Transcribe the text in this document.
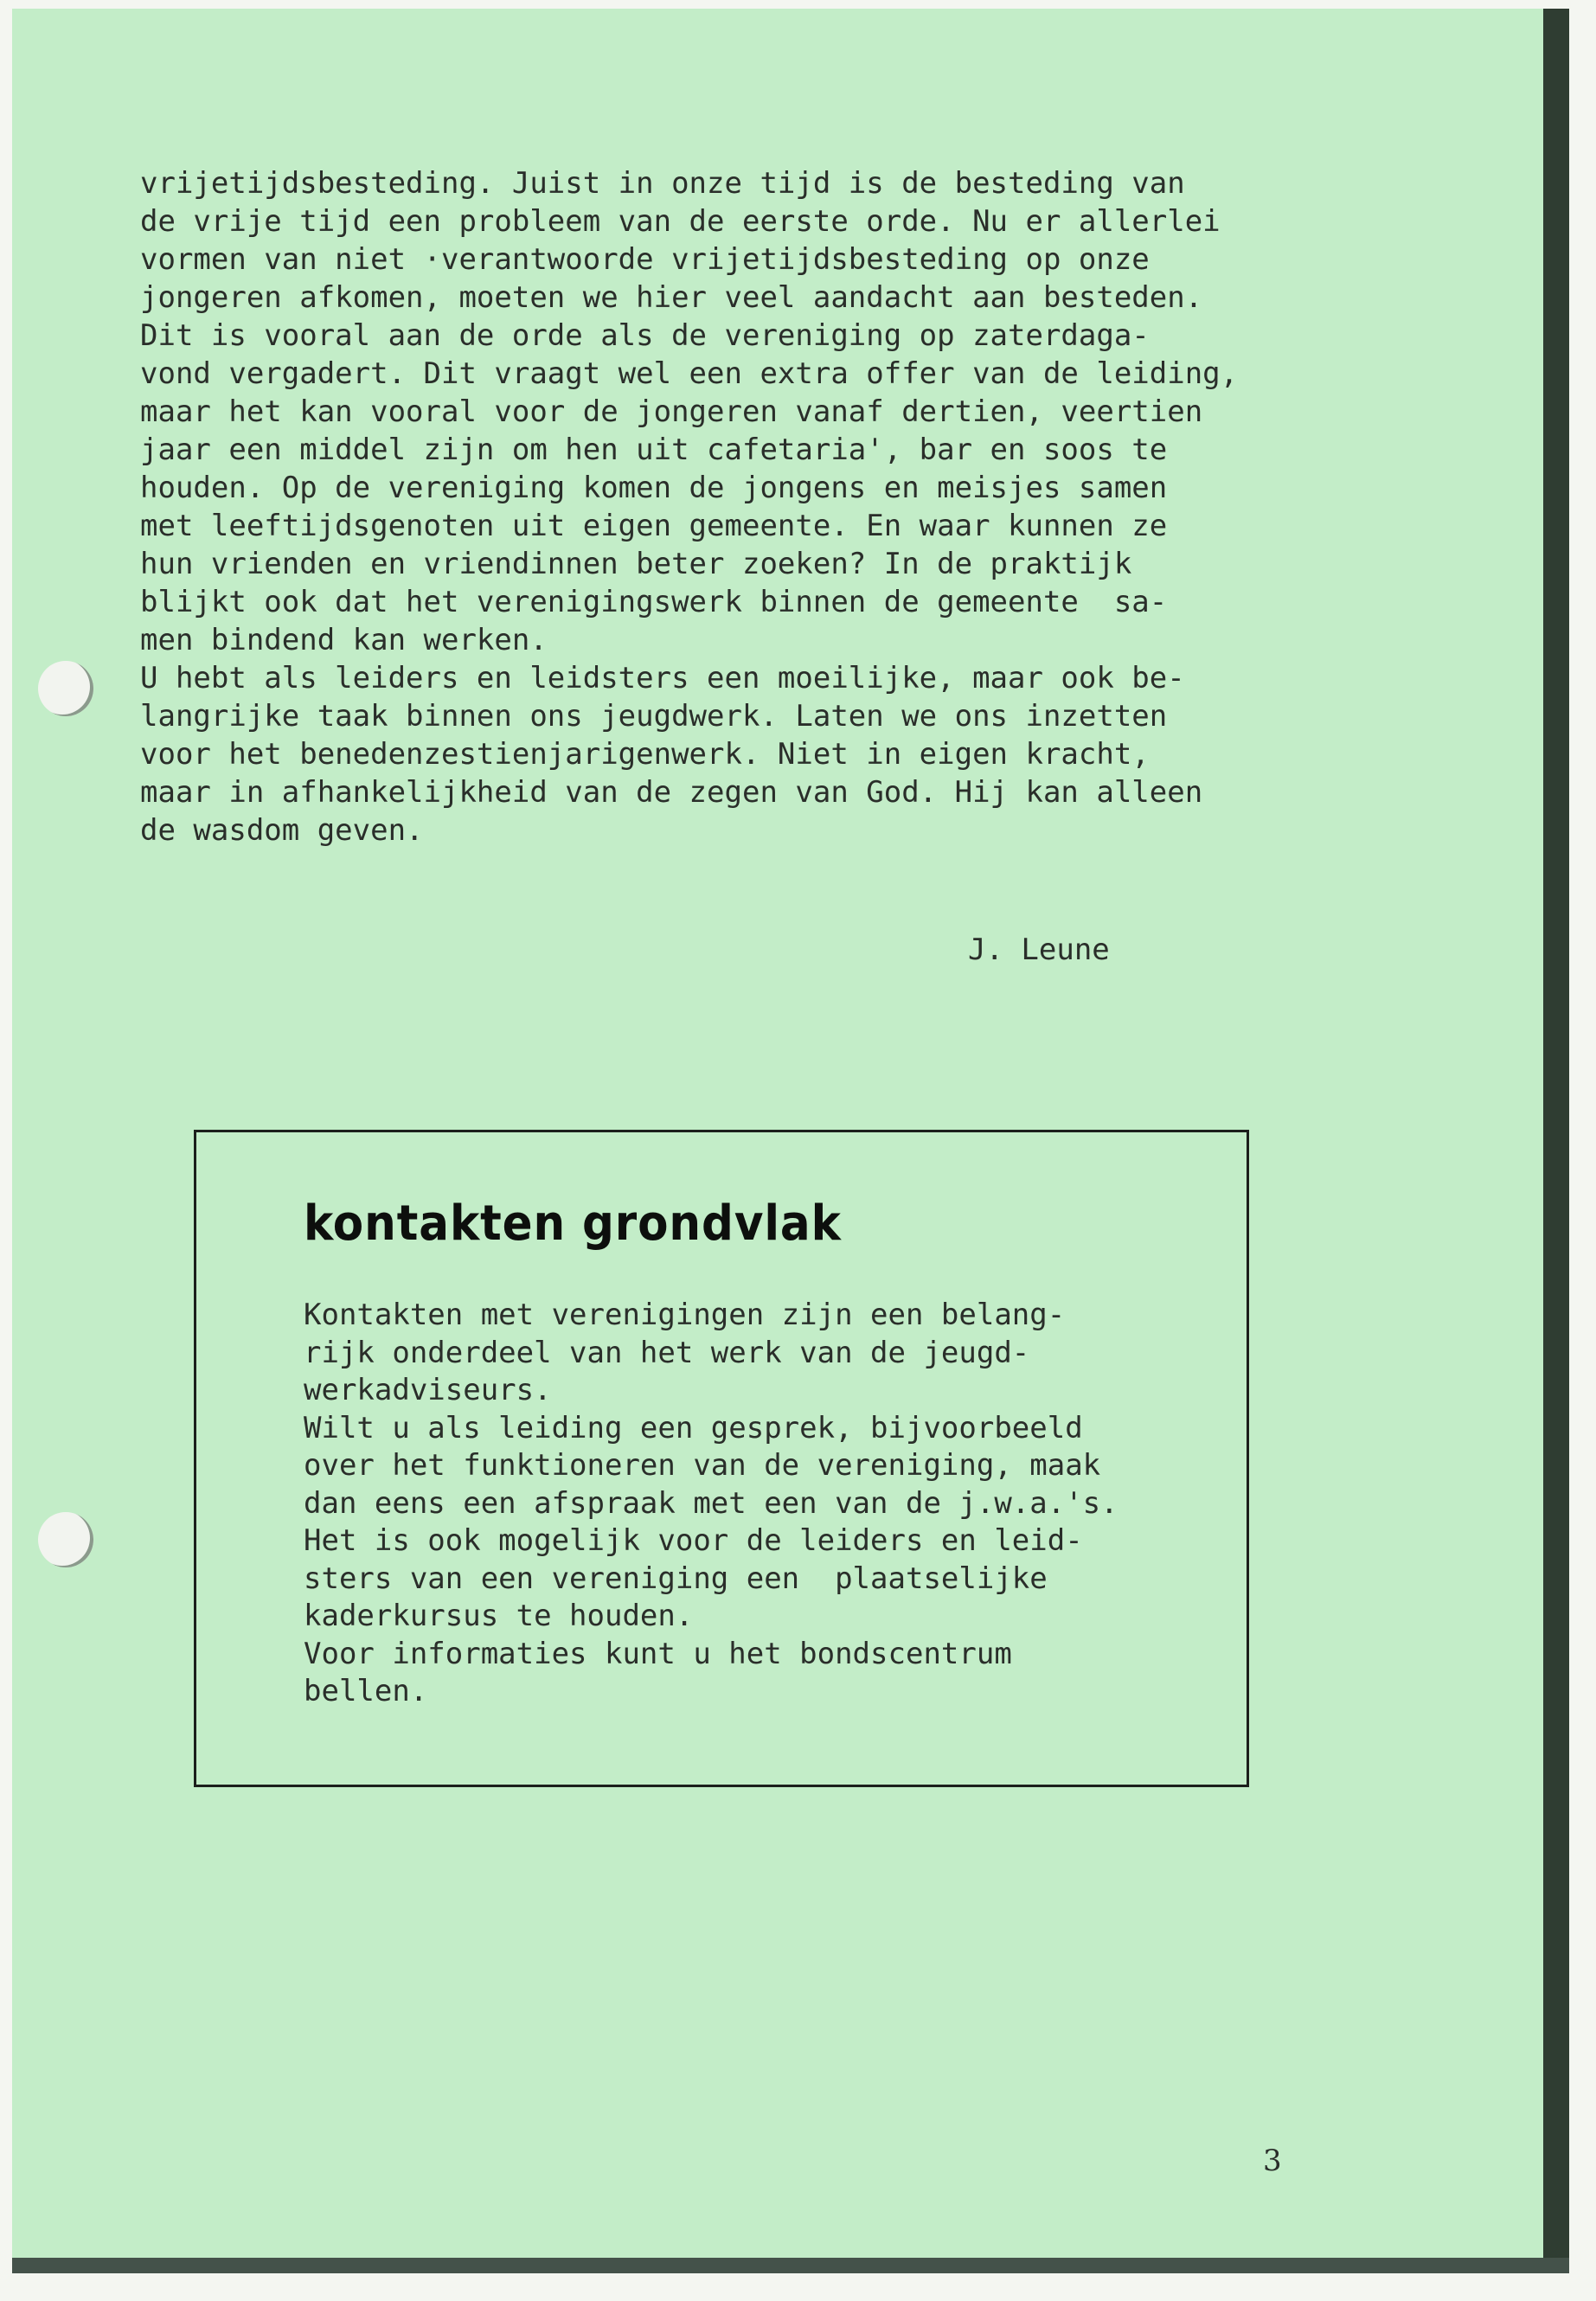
vrijetijdsbesteding. Juist in onze tijd is de besteding van
de vrije tijd een probleem van de eerste orde. Nu er allerlei
vormen van niet ·verantwoorde vrijetijdsbesteding op onze
jongeren afkomen, moeten we hier veel aandacht aan besteden.
Dit is vooral aan de orde als de vereniging op zaterdaga-
vond vergadert. Dit vraagt wel een extra offer van de leiding,
maar het kan vooral voor de jongeren vanaf dertien, veertien
jaar een middel zijn om hen uit cafetaria', bar en soos te
houden. Op de vereniging komen de jongens en meisjes samen
met leeftijdsgenoten uit eigen gemeente. En waar kunnen ze
hun vrienden en vriendinnen beter zoeken? In de praktijk
blijkt ook dat het verenigingswerk binnen de gemeente  sa-
men bindend kan werken.
U hebt als leiders en leidsters een moeilijke, maar ook be-
langrijke taak binnen ons jeugdwerk. Laten we ons inzetten
voor het benedenzestienjarigenwerk. Niet in eigen kracht,
maar in afhankelijkheid van de zegen van God. Hij kan alleen
de wasdom geven.

J. Leune

kontakten grondvlak
Kontakten met verenigingen zijn een belang-
rijk onderdeel van het werk van de jeugd-
werkadviseurs.
Wilt u als leiding een gesprek, bijvoorbeeld
over het funktioneren van de vereniging, maak
dan eens een afspraak met een van de j.w.a.'s.
Het is ook mogelijk voor de leiders en leid-
sters van een vereniging een  plaatselijke
kaderkursus te houden.
Voor informaties kunt u het bondscentrum
bellen.

3
